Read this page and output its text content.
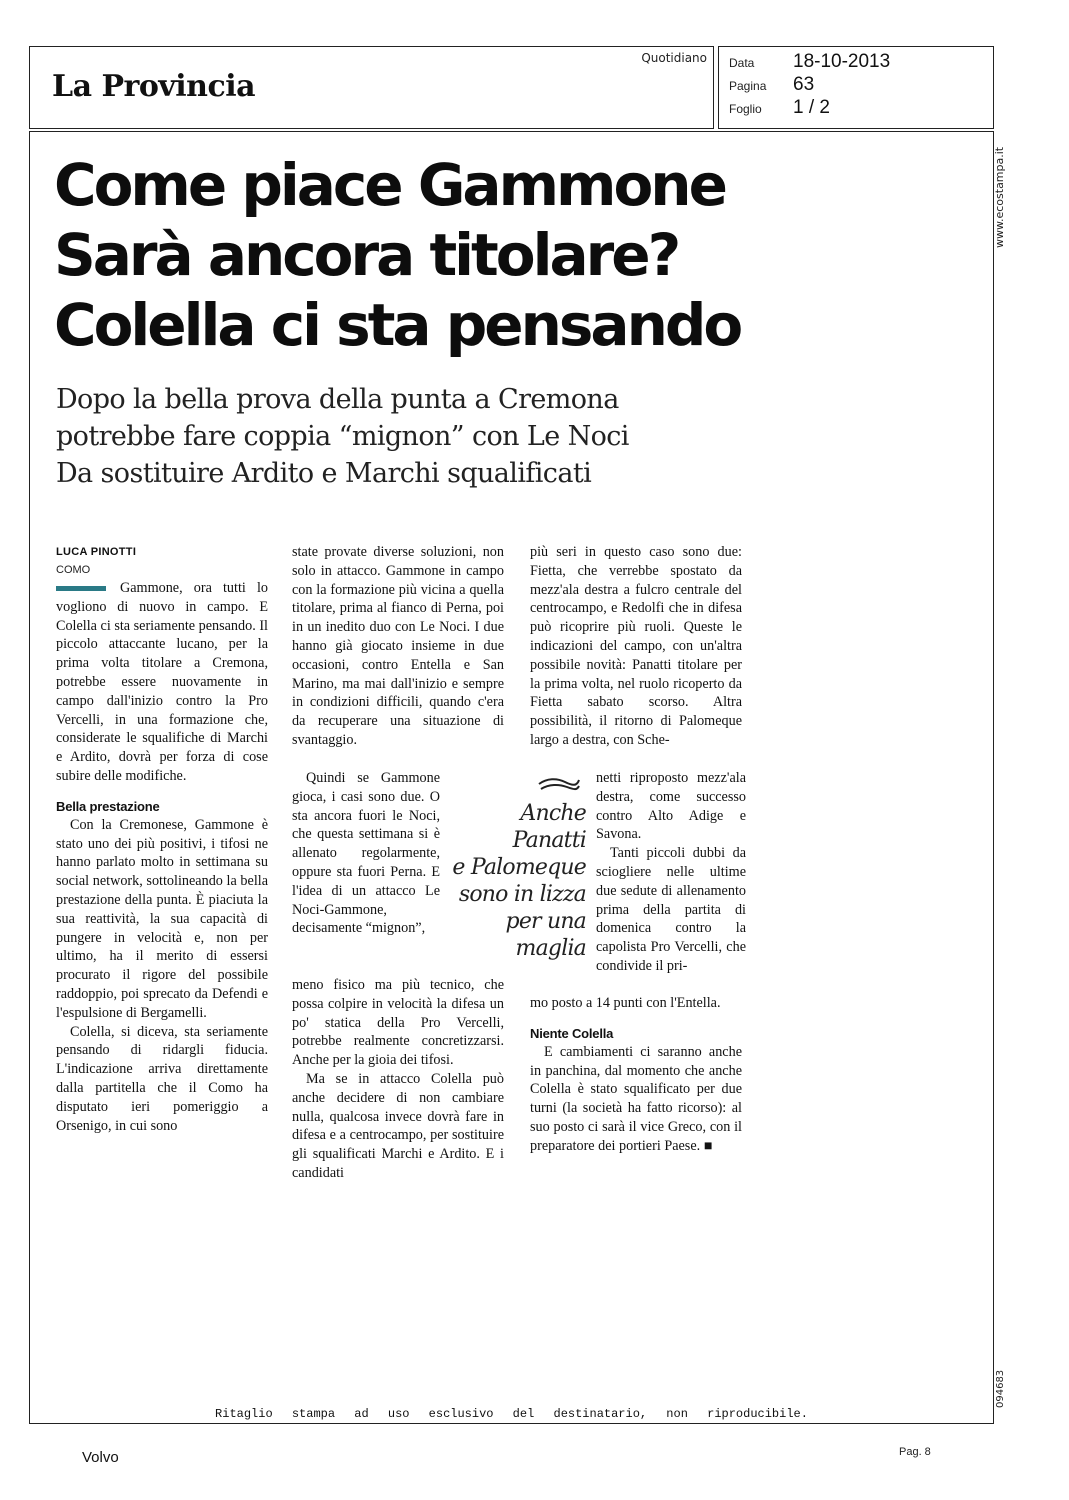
La Provincia
Quotidiano Data	18-10-2013
Pagina	63
Foglio	1 / 2
www.ecostampa.it
094683
Come piace Gammone
Sarà ancora titolare?
Colella ci sta pensando
Dopo la bella prova della punta a Cremona
potrebbe fare coppia “mignon” con Le Noci
Da sostituire Ardito e Marchi squalificati
LUCA PINOTTI
COMO

Gammone, ora tutti lo vogliono di nuovo in campo. E Colella ci sta seriamente pensando. Il piccolo attaccante lucano, per la prima volta titolare a Cremona, potrebbe essere nuovamente in campo dall'inizio contro la Pro Vercelli, in una formazione che, considerate le squalifiche di Marchi e Ardito, dovrà per forza di cose subire delle modifiche.

Bella prestazione

Con la Cremonese, Gammone è stato uno dei più positivi, i tifosi ne hanno parlato molto in settimana su social network, sottolineando la bella prestazione della punta. È piaciuta la sua reattività, la sua capacità di pungere in velocità e, non per ultimo, ha il merito di essersi procurato il rigore del possibile raddoppio, poi sprecato da Defendi e l'espulsione di Bergamelli.

Colella, si diceva, sta seriamente pensando di ridargli fiducia. L'indicazione arriva direttamente dalla partitella che il Como ha disputato ieri pomeriggio a Orsenigo, in cui sono

state provate diverse soluzioni, non solo in attacco. Gammone in campo con la formazione più vicina a quella titolare, prima al fianco di Perna, poi in un inedito duo con Le Noci. I due hanno già giocato insieme in due occasioni, contro Entella e San Marino, ma mai dall'inizio e sempre in condizioni difficili, quando c'era da recuperare una situazione di svantaggio.

Quindi se Gammone gioca, i casi sono due. O sta ancora fuori le Noci, che questa settimana si è allenato regolarmente, oppure sta fuori Perna. E l'idea di un attacco Le Noci-Gammone, decisamente “mignon”,

meno fisico ma più tecnico, che possa colpire in velocità la difesa un po' statica della Pro Vercelli, potrebbe realmente concretizzarsi. Anche per la gioia dei tifosi.

Ma se in attacco Colella può anche decidere di non cambiare nulla, qualcosa invece dovrà fare in difesa e a centrocampo, per sostituire gli squalificati Marchi e Ardito. E i candidati

Anche
Panatti
e Palomeque
sono in lizza
per una
maglia

più seri in questo caso sono due: Fietta, che verrebbe spostato da mezz'ala destra a fulcro centrale del centrocampo, e Redolfi che in difesa può ricoprire più ruoli. Queste le indicazioni del campo, con un'altra possibile novità: Panatti titolare per la prima volta, nel ruolo ricoperto da Fietta sabato scorso. Altra possibilità, il ritorno di Palomeque largo a destra, con Sche-

netti riproposto mezz'ala destra, come successo contro Alto Adige e Savona.

Tanti piccoli dubbi da sciogliere nelle ultime due sedute di allenamento prima della partita di domenica contro la capolista Pro Vercelli, che condivide il pri-

mo posto a 14 punti con l'Entella.

Niente Colella

E cambiamenti ci saranno anche in panchina, dal momento che anche Colella è stato squalificato per due turni (la società ha fatto ricorso): al suo posto ci sarà il vice Greco, con il preparatore dei portieri Paese. ■

Ritaglio stampa ad uso esclusivo del destinatario, non riproducibile.
Volvo	Pag. 8
